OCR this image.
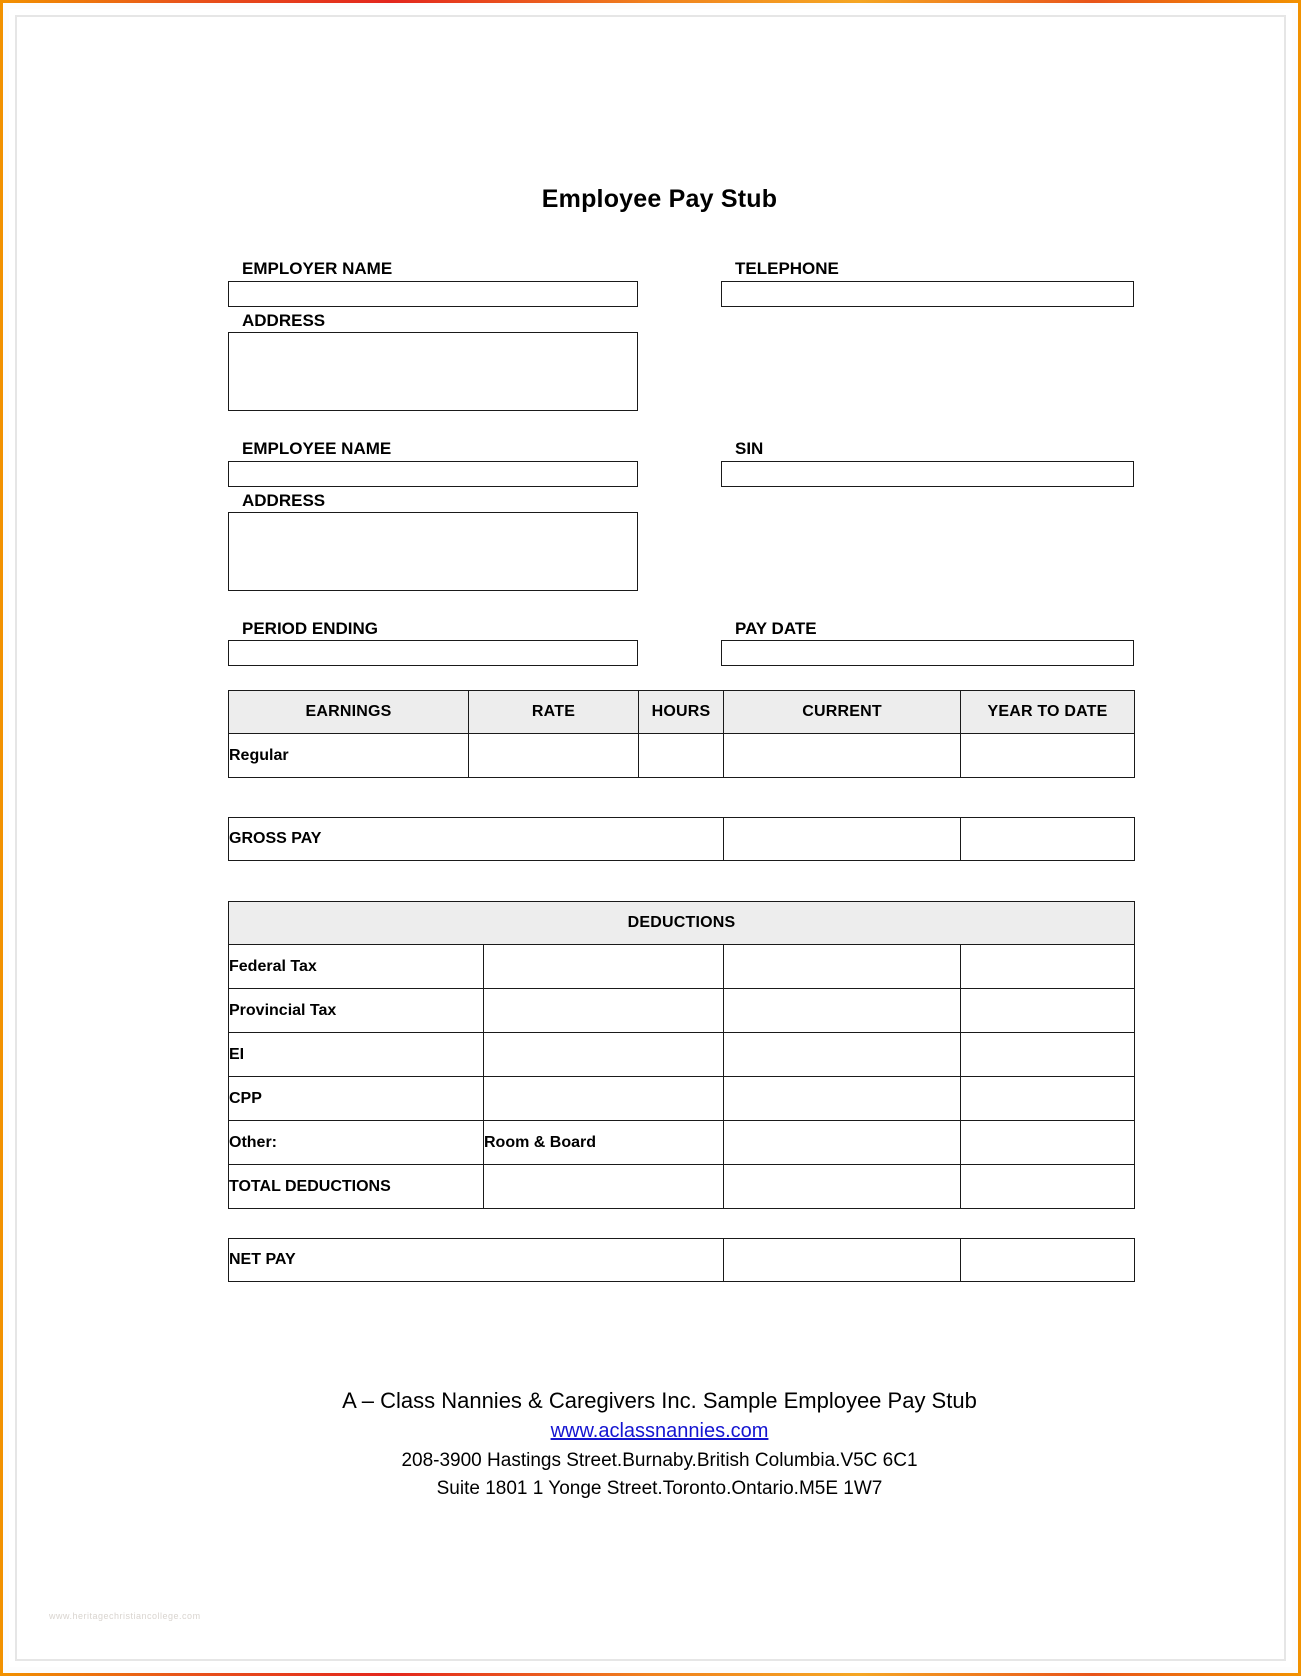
Employee Pay Stub
EMPLOYER NAME	TELEPHONE
ADDRESS
EMPLOYEE NAME	SIN
ADDRESS
PERIOD ENDING	PAY DATE
EARNINGS	RATE	HOURS	CURRENT	YEAR TO DATE
Regular				
GROSS PAY		
DEDUCTIONS			
Federal Tax			
Provincial Tax			
EI			
CPP			
Other:	Room & Board		
TOTAL DEDUCTIONS			
NET PAY		
A – Class Nannies & Caregivers Inc. Sample Employee Pay Stub
www.aclassnannies.com
208-3900 Hastings Street.Burnaby.British Columbia.V5C 6C1
Suite 1801 1 Yonge Street.Toronto.Ontario.M5E 1W7
www.heritagechristiancollege.com
